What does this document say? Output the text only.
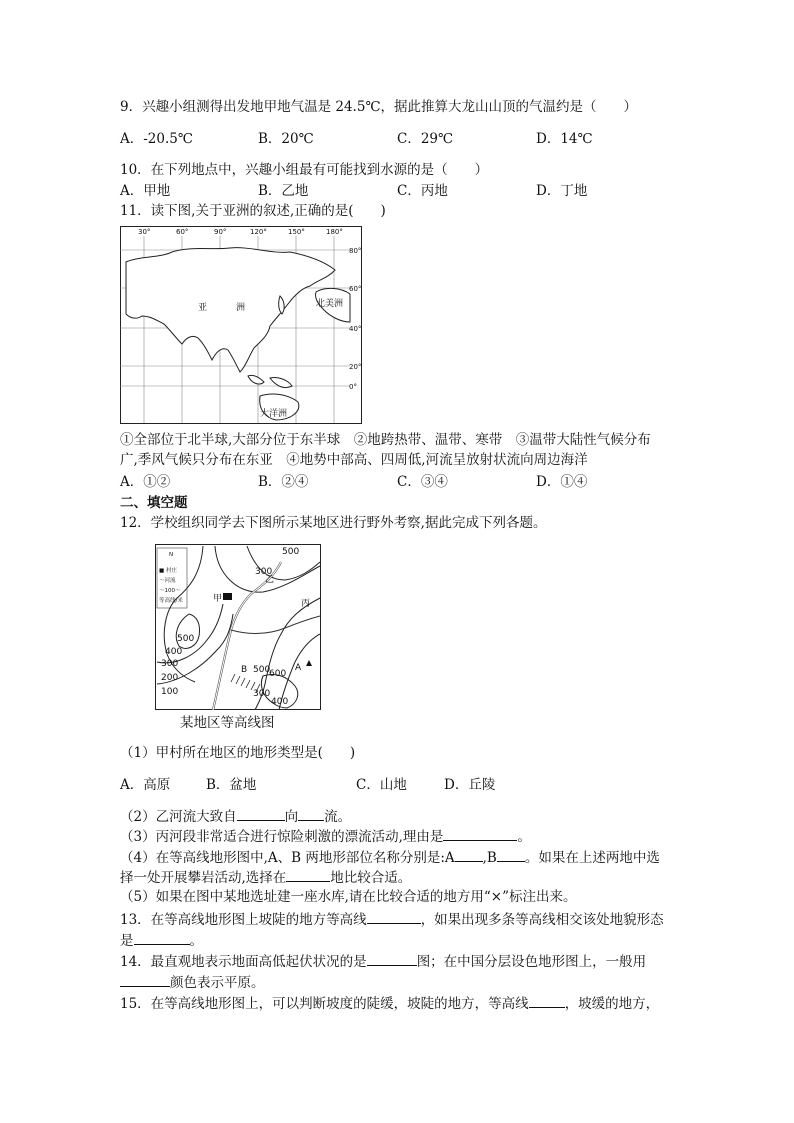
9．兴趣小组测得出发地甲地气温是 24.5℃，据此推算大龙山山顶的气温约是（　　）
A．-20.5℃	B．20℃	C．29℃	D．14℃
10．在下列地点中，兴趣小组最有可能找到水源的是（　　）
A．甲地	B．乙地	C．丙地	D．丁地
11．读下图,关于亚洲的叙述,正确的是(　　)
30°	60°	90°	120°	150°	180°
80°
60°
40°
20°
0°
亚	洲	北美洲
大洋洲
①全部位于北半球,大部分位于东半球　②地跨热带、温带、寒带　③温带大陆性气候分布
广,季风气候只分布在东亚　④地势中部高、四周低,河流呈放射状流向周边海洋
A．①②	B．②④	C．③④	D．①④
二、填空题
12．学校组织同学去下图所示某地区进行野外考察,据此完成下列各题。
N
■ 村庄
～河流
～100～
等高线/米
500
300
500
400
300
200
100
500
600
300
400
甲
乙
丙
A
B
某地区等高线图
（1）甲村所在地区的地形类型是(　　)
A．高原	B．盆地	C．山地	D．丘陵
（2）乙河流大致自	向 流。
（3）丙河段非常适合进行惊险刺激的漂流活动,理由是	。
（4）在等高线地形图中,A、B 两地形部位名称分别是:A ,B 。如果在上述两地中选
择一处开展攀岩活动,选择在	地比较合适。
（5）如果在图中某地选址建一座水库,请在比较合适的地方用“×”标注出来。
13．在等高线地形图上坡陡的地方等高线	，如果出现多条等高线相交该处地貌形态
是	。
14．最直观地表示地面高低起伏状况的是	图；在中国分层设色地形图上，一般用
颜色表示平原。
15．在等高线地形图上，可以判断坡度的陡缓，坡陡的地方，等高线	，坡缓的地方，
